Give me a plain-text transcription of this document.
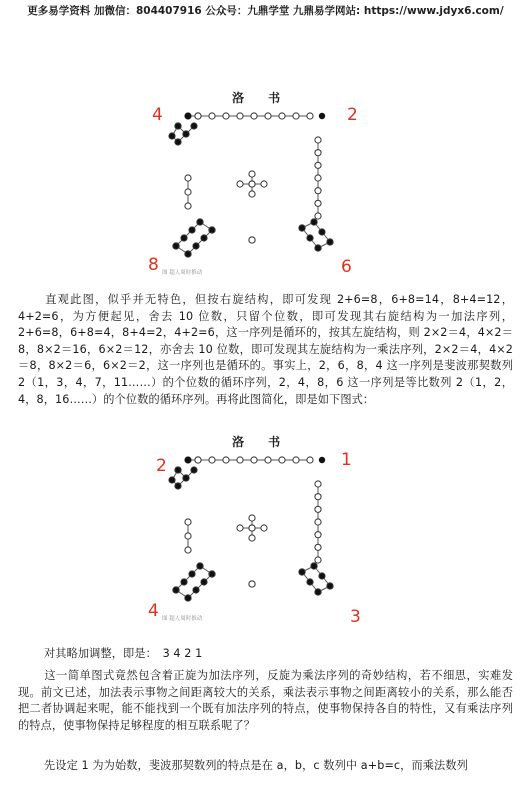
更多易学资料 加微信：804407916 公众号：九鼎学堂 九鼎易学网站: https://www.jdyx6.com/
洛 书
4	2
8	6
图 超人周时推动

直观此图，似乎并无特色，但按右旋结构，即可发现 2+6=8，6+8=14，8+4=12，4+2=6，为方便起见，舍去 10 位数，只留个位数，即可发现其右旋结构为一加法序列，2+6=8，6+8=4，8+4=2，4+2=6，这一序列是循环的，按其左旋结构，则 2×2＝4，4×2＝8，8×2＝16，6×2＝12，亦舍去 10 位数，即可发现其左旋结构为一乘法序列，2×2＝4，4×2＝8，8×2＝6，6×2＝2，这一序列也是循环的。事实上，2，6，8，4 这一序列是斐波那契数列 2（1，3，4，7，11……）的个位数的循环序列，2，4，8，6 这一序列是等比数列 2（1，2，4，8，16……）的个位数的循环序列。再将此图简化，即是如下图式：

洛 书
2	1
4	3
图 超人周时推动

对其略加调整，即是：　3 4 2 1

这一简单图式竟然包含着正旋为加法序列，反旋为乘法序列的奇妙结构，若不细思，实难发现。前文已述，加法表示事物之间距离较大的关系，乘法表示事物之间距离较小的关系，那么能否把二者协调起来呢，能不能找到一个既有加法序列的特点，使事物保持各自的特性，又有乘法序列的特点，使事物保持足够程度的相互联系呢了？

先设定 1 为为始数，斐波那契数列的特点是在 a，b，c 数列中 a+b=c，而乘法数列
